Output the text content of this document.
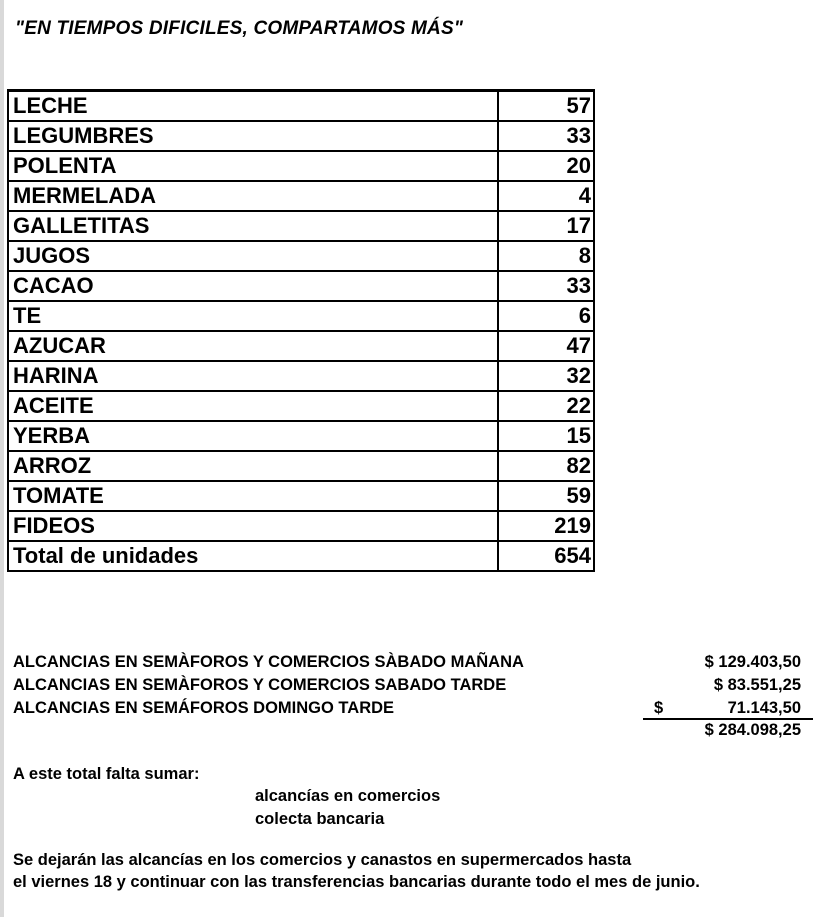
"EN TIEMPOS DIFICILES, COMPARTAMOS MÁS"
LECHE	57
LEGUMBRES	33
POLENTA	20
MERMELADA	4
GALLETITAS	17
JUGOS	8
CACAO	33
TE	6
AZUCAR	47
HARINA	32
ACEITE	22
YERBA	15
ARROZ	82
TOMATE	59
FIDEOS	219
Total de unidades	654
ALCANCIAS EN SEMÀFOROS Y COMERCIOS SÀBADO MAÑANA	$ 129.403,50
ALCANCIAS EN SEMÀFOROS Y COMERCIOS SABADO TARDE	$ 83.551,25
ALCANCIAS EN SEMÁFOROS DOMINGO TARDE	$	71.143,50
$ 284.098,25
A este total falta sumar:
alcancías en comercios
colecta bancaria
Se dejarán las alcancías en los comercios y canastos en supermercados hasta
el viernes 18 y continuar con las transferencias bancarias durante todo el mes de junio.
